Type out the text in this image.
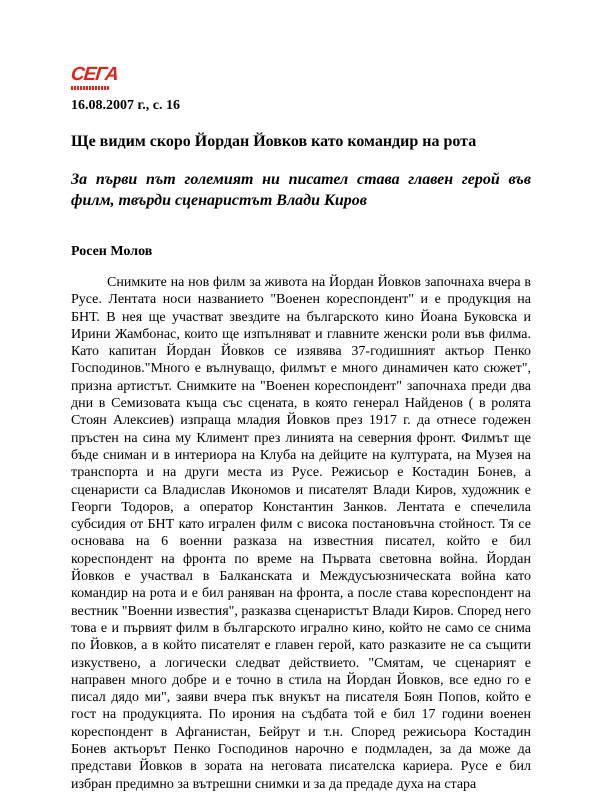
СЕГА
16.08.2007 г., с. 16
Ще видим скоро Йордан Йовков като командир на рота
За първи път големият ни писател става главен герой във филм, твърди сценаристът Влади Киров
Росен Молов
Снимките на нов филм за живота на Йордан Йовков започнаха вчера в Русе. Лентата носи названието "Военен кореспондент" и е продукция на БНТ. В нея ще участват звездите на българското кино Йоана Буковска и Ирини Жамбонас, които ще изпълняват и главните женски роли във филма. Като капитан Йордан Йовков се изявява 37-годишният актьор Пенко Господинов."Много е вълнуващо, филмът е много динамичен като сюжет", призна артистът. Снимките на "Военен кореспондент" започнаха преди два дни в Семизовата къща със сцената, в която генерал Найденов ( в ролята Стоян Алексиев) изпраща младия Йовков през 1917 г. да отнесе годежен пръстен на сина му Климент през линията на северния фронт. Филмът ще бъде сниман и в интериора на Клуба на дейците на културата, на Музея на транспорта и на други места из Русе. Режисьор е Костадин Бонев, а сценаристи са Владислав Икономов и писателят Влади Киров, художник е Георги Тодоров, а оператор Константин Занков. Лентата е спечелила субсидия от БНТ като игрален филм с висока постановъчна стойност. Тя се основава на 6 военни разказа на известния писател, който е бил кореспондент на фронта по време на Първата световна война. Йордан Йовков е участвал в Балканската и Междусъюзническата война като командир на рота и е бил раняван на фронта, а после става кореспондент на вестник "Военни известия", разказва сценаристът Влади Киров. Според него това е и първият филм в българското игрално кино, който не само се снима по Йовков, а в който писателят е главен герой, като разказите не са същити изкуствено, а логически следват действието. "Смятам, че сценарият е направен много добре и е точно в стила на Йордан Йовков, все едно го е писал дядо ми", заяви вчера пък внукът на писателя Боян Попов, който е гост на продукцията. По ирония на съдбата той е бил 17 години военен кореспондент в Афганистан, Бейрут и т.н. Според режисьора Костадин Бонев актьорът Пенко Господинов нарочно е подмладен, за да може да представи Йовков в зората на неговата писателска кариера. Русе е бил избран предимно за вътрешни снимки и за да предаде духа на стара
